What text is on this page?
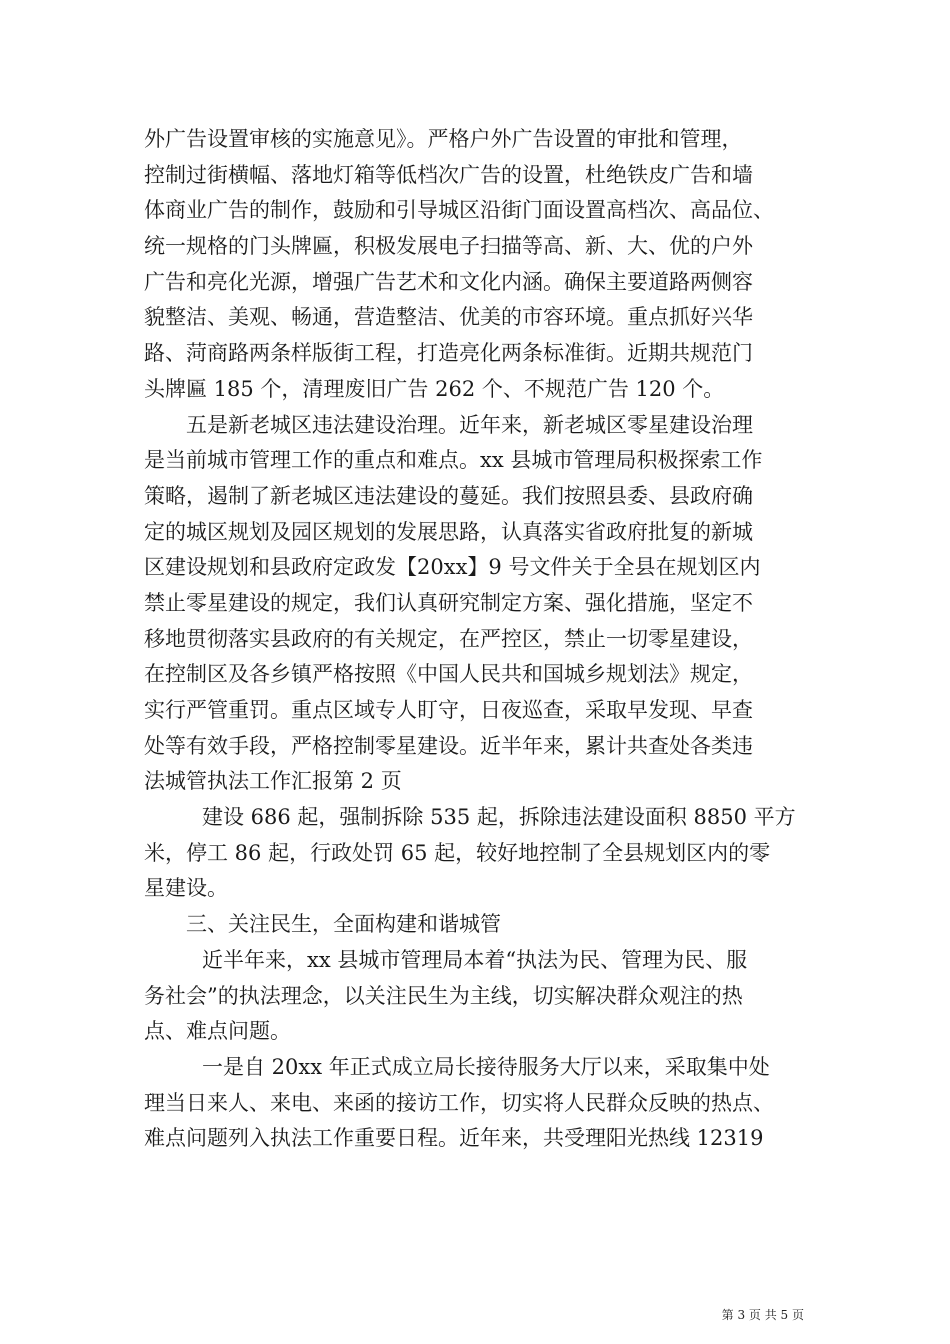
外广告设置审核的实施意见》。严格户外广告设置的审批和管理，
控制过街横幅、落地灯箱等低档次广告的设置，杜绝铁皮广告和墙
体商业广告的制作，鼓励和引导城区沿街门面设置高档次、高品位、
统一规格的门头牌匾，积极发展电子扫描等高、新、大、优的户外
广告和亮化光源，增强广告艺术和文化内涵。确保主要道路两侧容
貌整洁、美观、畅通，营造整洁、优美的市容环境。重点抓好兴华
路、菏商路两条样版街工程，打造亮化两条标准街。近期共规范门
头牌匾 185 个，清理废旧广告 262 个、不规范广告 120 个。
五是新老城区违法建设治理。近年来，新老城区零星建设治理
是当前城市管理工作的重点和难点。xx 县城市管理局积极探索工作
策略，遏制了新老城区违法建设的蔓延。我们按照县委、县政府确
定的城区规划及园区规划的发展思路，认真落实省政府批复的新城
区建设规划和县政府定政发【20xx】9 号文件关于全县在规划区内
禁止零星建设的规定，我们认真研究制定方案、强化措施，坚定不
移地贯彻落实县政府的有关规定，在严控区，禁止一切零星建设，
在控制区及各乡镇严格按照《中国人民共和国城乡规划法》规定，
实行严管重罚。重点区域专人盯守，日夜巡查，采取早发现、早查
处等有效手段，严格控制零星建设。近半年来，累计共查处各类违
法城管执法工作汇报第 2 页
建设 686 起，强制拆除 535 起，拆除违法建设面积 8850 平方
米，停工 86 起，行政处罚 65 起，较好地控制了全县规划区内的零
星建设。
三、关注民生，全面构建和谐城管
近半年来，xx 县城市管理局本着“执法为民、管理为民、服
务社会”的执法理念，以关注民生为主线，切实解决群众观注的热
点、难点问题。
一是自 20xx 年正式成立局长接待服务大厅以来，采取集中处
理当日来人、来电、来函的接访工作，切实将人民群众反映的热点、
难点问题列入执法工作重要日程。近年来，共受理阳光热线 12319
第 3 页 共 5 页
